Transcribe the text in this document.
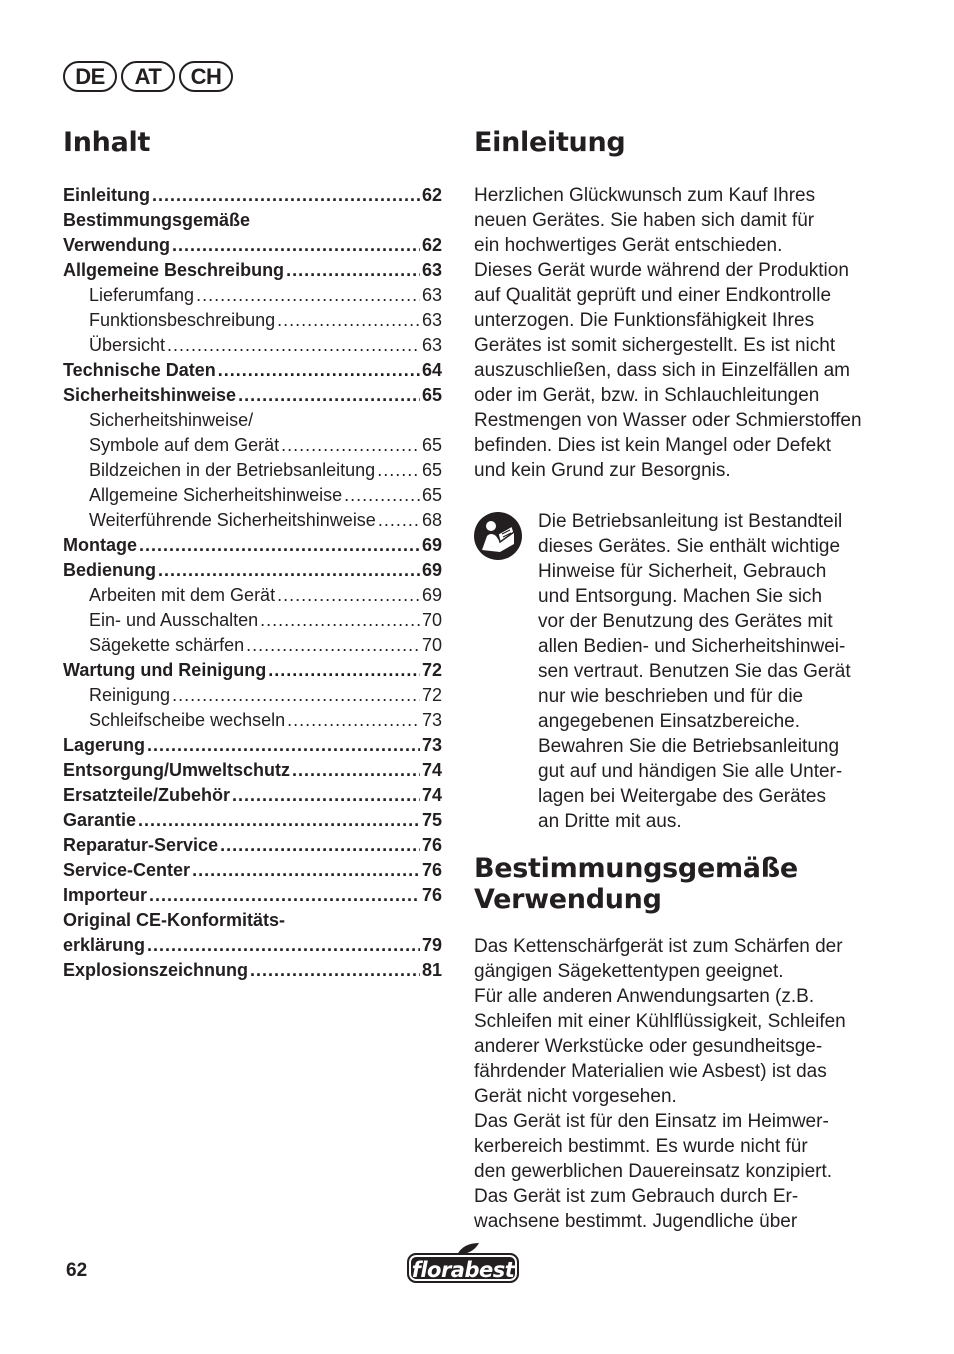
DE	AT	CH
Inhalt
Einleitung .....	62
Bestimmungsgemäße
Verwendung .....	62
Allgemeine Beschreibung .....	63
Lieferumfang .....	63
Funktionsbeschreibung .....	63
Übersicht .....	63
Technische Daten .....	64
Sicherheitshinweise .....	65
Sicherheitshinweise/
Symbole auf dem Gerät .....	65
Bildzeichen in der Betriebsanleitung .....	65
Allgemeine Sicherheitshinweise .....	65
Weiterführende Sicherheitshinweise .....	68
Montage .....	69
Bedienung .....	69
Arbeiten mit dem Gerät .....	69
Ein- und Ausschalten .....	70
Sägekette schärfen .....	70
Wartung und Reinigung .....	72
Reinigung .....	72
Schleifscheibe wechseln .....	73
Lagerung .....	73
Entsorgung/Umweltschutz .....	74
Ersatzteile/Zubehör .....	74
Garantie .....	75
Reparatur-Service .....	76
Service-Center .....	76
Importeur .....	76
Original CE-Konformitäts-
erklärung .....	79
Explosionszeichnung .....	81
Einleitung

Herzlichen Glückwunsch zum Kauf Ihres
neuen Gerätes. Sie haben sich damit für
ein hochwertiges Gerät entschieden.
Dieses Gerät wurde während der Produktion
auf Qualität geprüft und einer Endkontrolle
unterzogen. Die Funktionsfähigkeit Ihres
Gerätes ist somit sichergestellt. Es ist nicht
auszuschließen, dass sich in Einzelfällen am
oder im Gerät, bzw. in Schlauchleitungen
Restmengen von Wasser oder Schmierstoffen
befinden. Dies ist kein Mangel oder Defekt
und kein Grund zur Besorgnis.

Die Betriebsanleitung ist Bestandteil
dieses Gerätes. Sie enthält wichtige
Hinweise für Sicherheit, Gebrauch
und Entsorgung. Machen Sie sich
vor der Benutzung des Gerätes mit
allen Bedien- und Sicherheitshinwei-
sen vertraut. Benutzen Sie das Gerät
nur wie beschrieben und für die
angegebenen Einsatzbereiche.
Bewahren Sie die Betriebsanleitung
gut auf und händigen Sie alle Unter-
lagen bei Weitergabe des Gerätes
an Dritte mit aus.

Bestimmungsgemäße
Verwendung

Das Kettenschärfgerät ist zum Schärfen der
gängigen Sägekettentypen geeignet.
Für alle anderen Anwendungsarten (z.B.
Schleifen mit einer Kühlflüssigkeit, Schleifen
anderer Werkstücke oder gesundheitsge-
fährdender Materialien wie Asbest) ist das
Gerät nicht vorgesehen.
Das Gerät ist für den Einsatz im Heimwer-
kerbereich bestimmt. Es wurde nicht für
den gewerblichen Dauereinsatz konzipiert.
Das Gerät ist zum Gebrauch durch Er-
wachsene bestimmt. Jugendliche über

62	florabest
